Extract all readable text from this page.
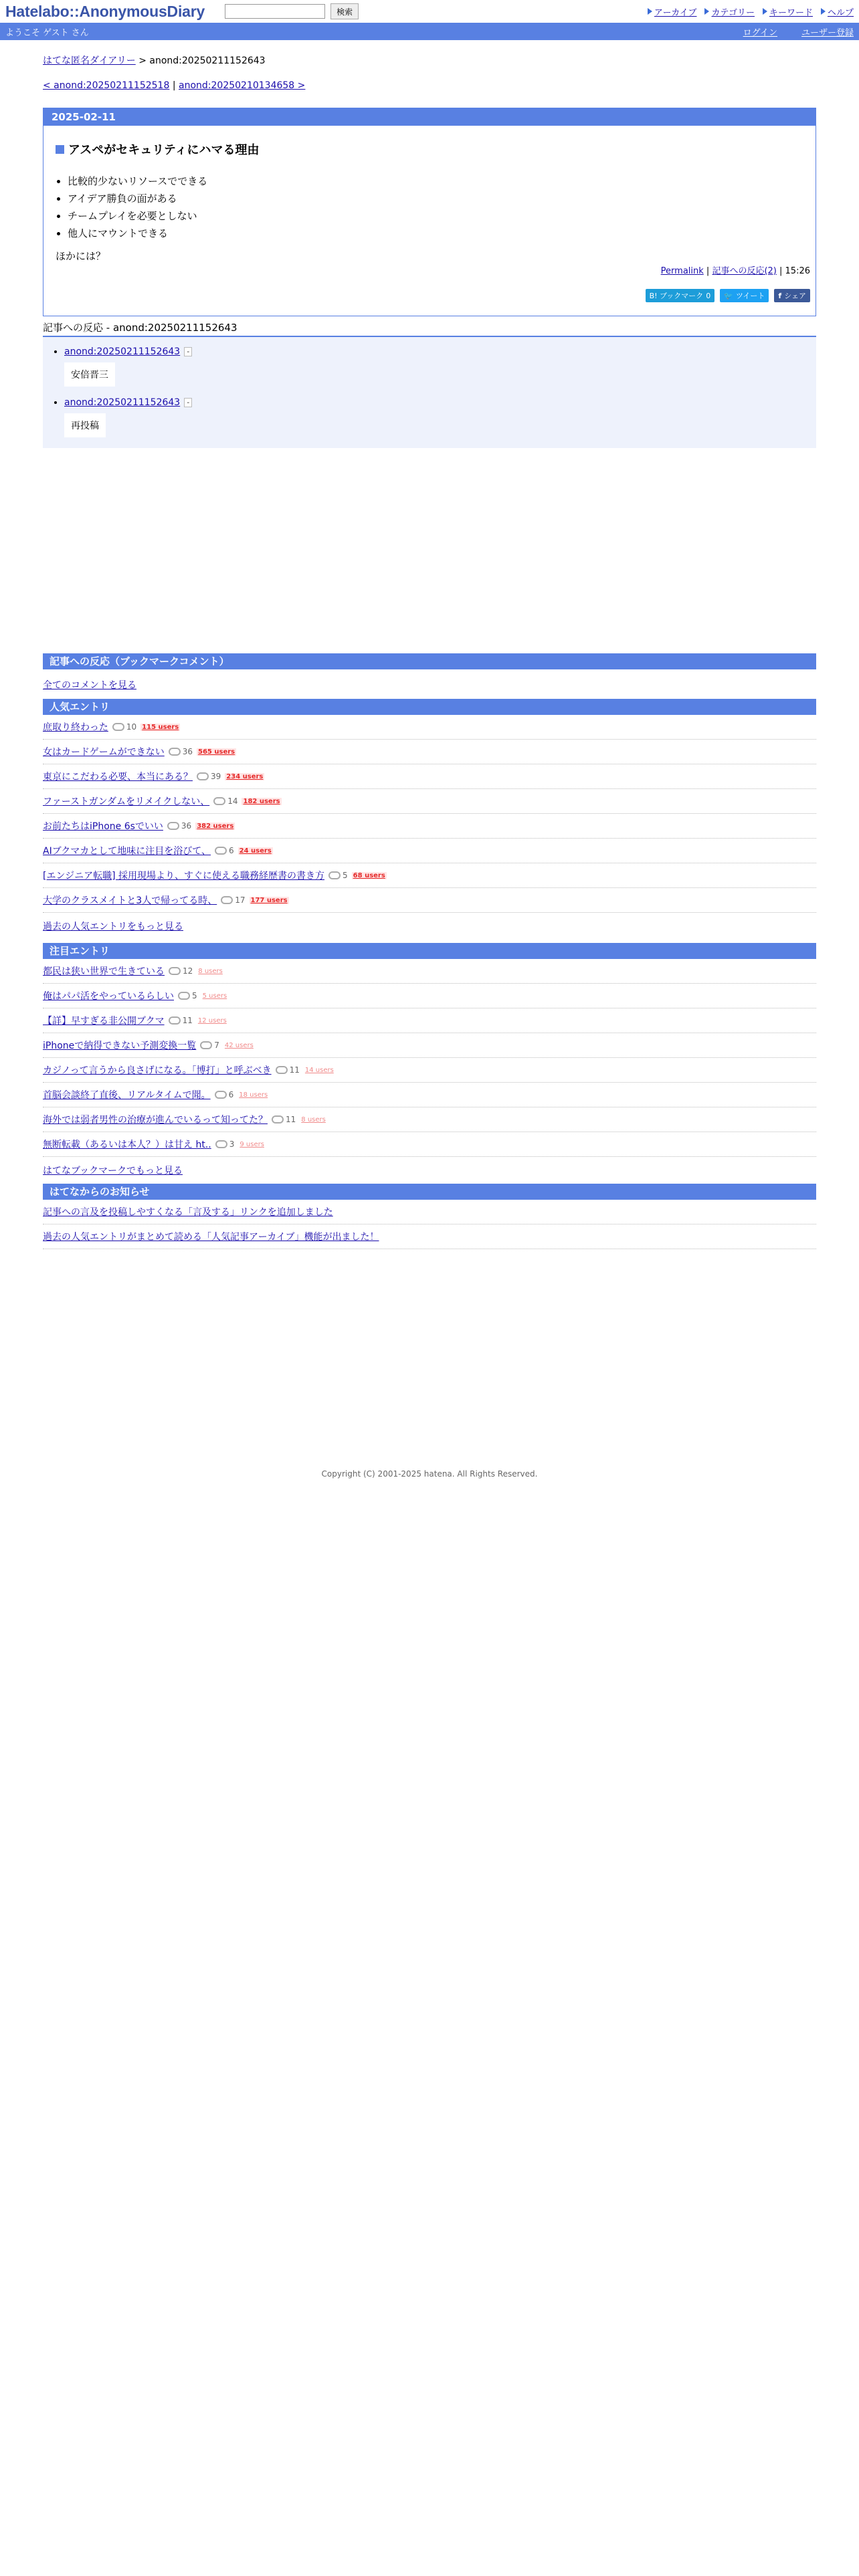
Hatelabo::AnonymousDiary	検索	アーカイブ カテゴリー キーワード ヘルプ
ようこそ ゲスト さん	ログイン	ユーザー登録
はてな匿名ダイアリー > anond:20250211152643
< anond:20250211152518 | anond:20250210134658 >
2025-02-11
アスペがセキュリティにハマる理由
• 比較的少ないリソースでできる
• アイデア勝負の面がある
• チームプレイを必要としない
• 他人にマウントできる
ほかには？
Permalink | 記事への反応(2) | 15:26
B! ブックマーク 0 🐦 ツイート f シェア
記事への反応 - anond:20250211152643
• anond:20250211152643 -
安倍晋三
• anond:20250211152643 -
再投稿
記事への反応（ブックマークコメント）
全てのコメントを見る
人気エントリ
庶取り終わった 10 115 users
女はカードゲームができない 36 565 users
東京にこだわる必要、本当にある？ 39 234 users
ファーストガンダムをリメイクしない、 14 182 users
お前たちはiPhone 6sでいい 36 382 users
AIブクマカとして地味に注目を浴びて、 6 24 users
[エンジニア転職] 採用現場より、すぐに使える職務経歴書の書き方 5 68 users
大学のクラスメイトと3人で帰ってる時、 17 177 users
過去の人気エントリをもっと見る
注目エントリ
都民は狭い世界で生きている 12 8 users
俺はパパ活をやっているらしい 5 5 users
【詳】早すぎる非公開ブクマ 11 12 users
iPhoneで納得できない予測変換一覧 7 42 users
カジノって言うから良さげになる。「博打」と呼ぶべき 11 14 users
首脳会談終了直後、リアルタイムで聞。 6 18 users
海外では弱者男性の治療が進んでいるって知ってた？ 11 8 users
無断転載（あるいは本人？）は甘え ht.. 3 9 users
はてなブックマークでもっと見る
はてなからのお知らせ
記事への言及を投稿しやすくなる「言及する」リンクを追加しました
過去の人気エントリがまとめて読める「人気記事アーカイブ」機能が出ました！
Copyright (C) 2001-2025 hatena. All Rights Reserved.
